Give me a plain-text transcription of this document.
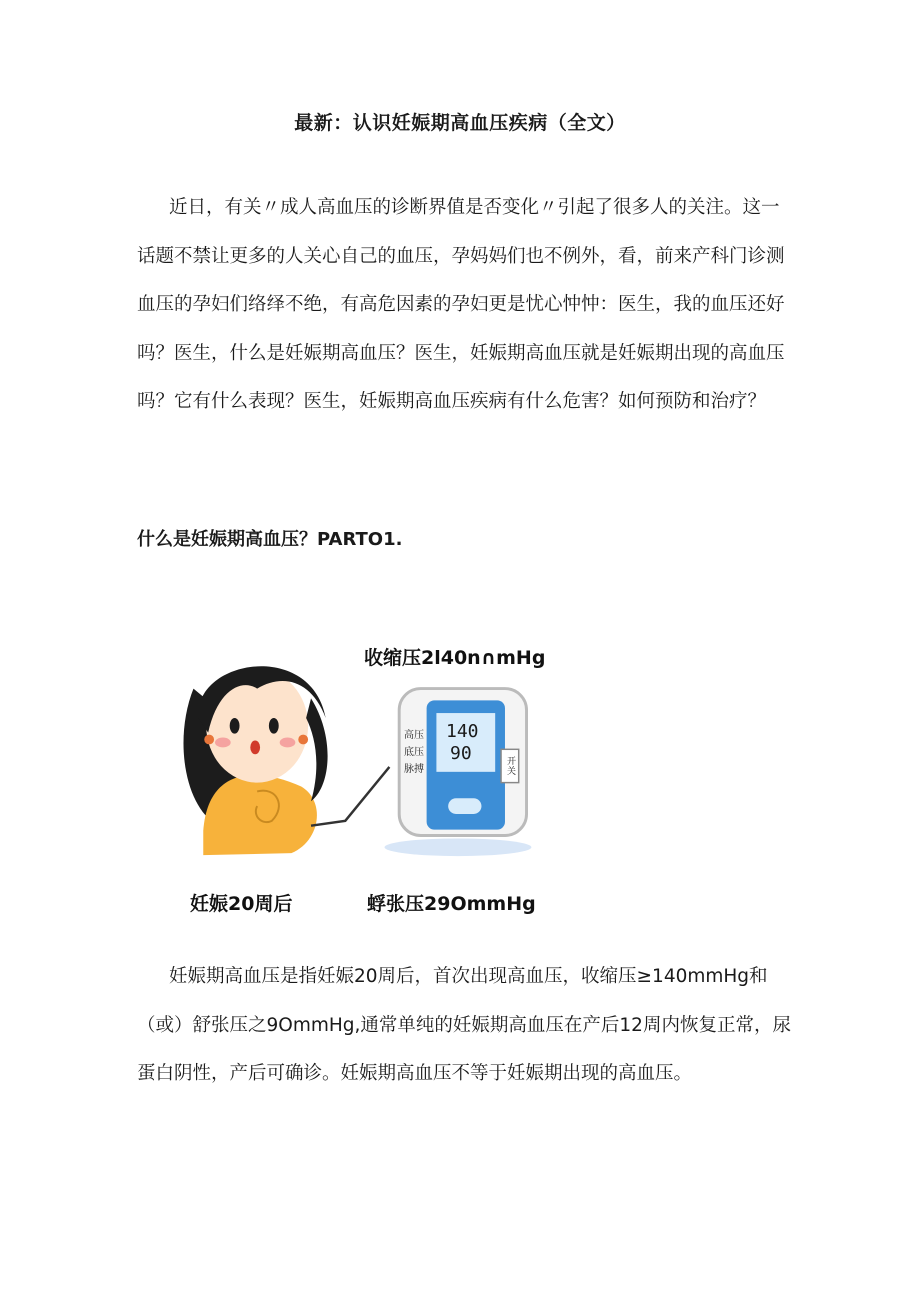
最新：认识妊娠期高血压疾病（全文）

近日，有关〃成人高血压的诊断界值是否变化〃引起了很多人的关注。这一话题不禁让更多的人关心自己的血压，孕妈妈们也不例外，看，前来产科门诊测血压的孕妇们络绎不绝，有高危因素的孕妇更是忧心忡忡：医生，我的血压还好吗？医生，什么是妊娠期高血压？医生，妊娠期高血压就是妊娠期出现的高血压吗？它有什么表现？医生，妊娠期高血压疾病有什么危害？如何预防和治疗？

什么是妊娠期高血压？PARTO1.
收缩压2l40n∩mHg
140
90
高压
底压
脉搏
开关
妊娠20周后	蜉张压29OmmHg

妊娠期高血压是指妊娠20周后，首次出现高血压，收缩压≥140mmHg和（或）舒张压之9OmmHg,通常单纯的妊娠期高血压在产后12周内恢复正常，尿蛋白阴性，产后可确诊。妊娠期高血压不等于妊娠期出现的高血压。
